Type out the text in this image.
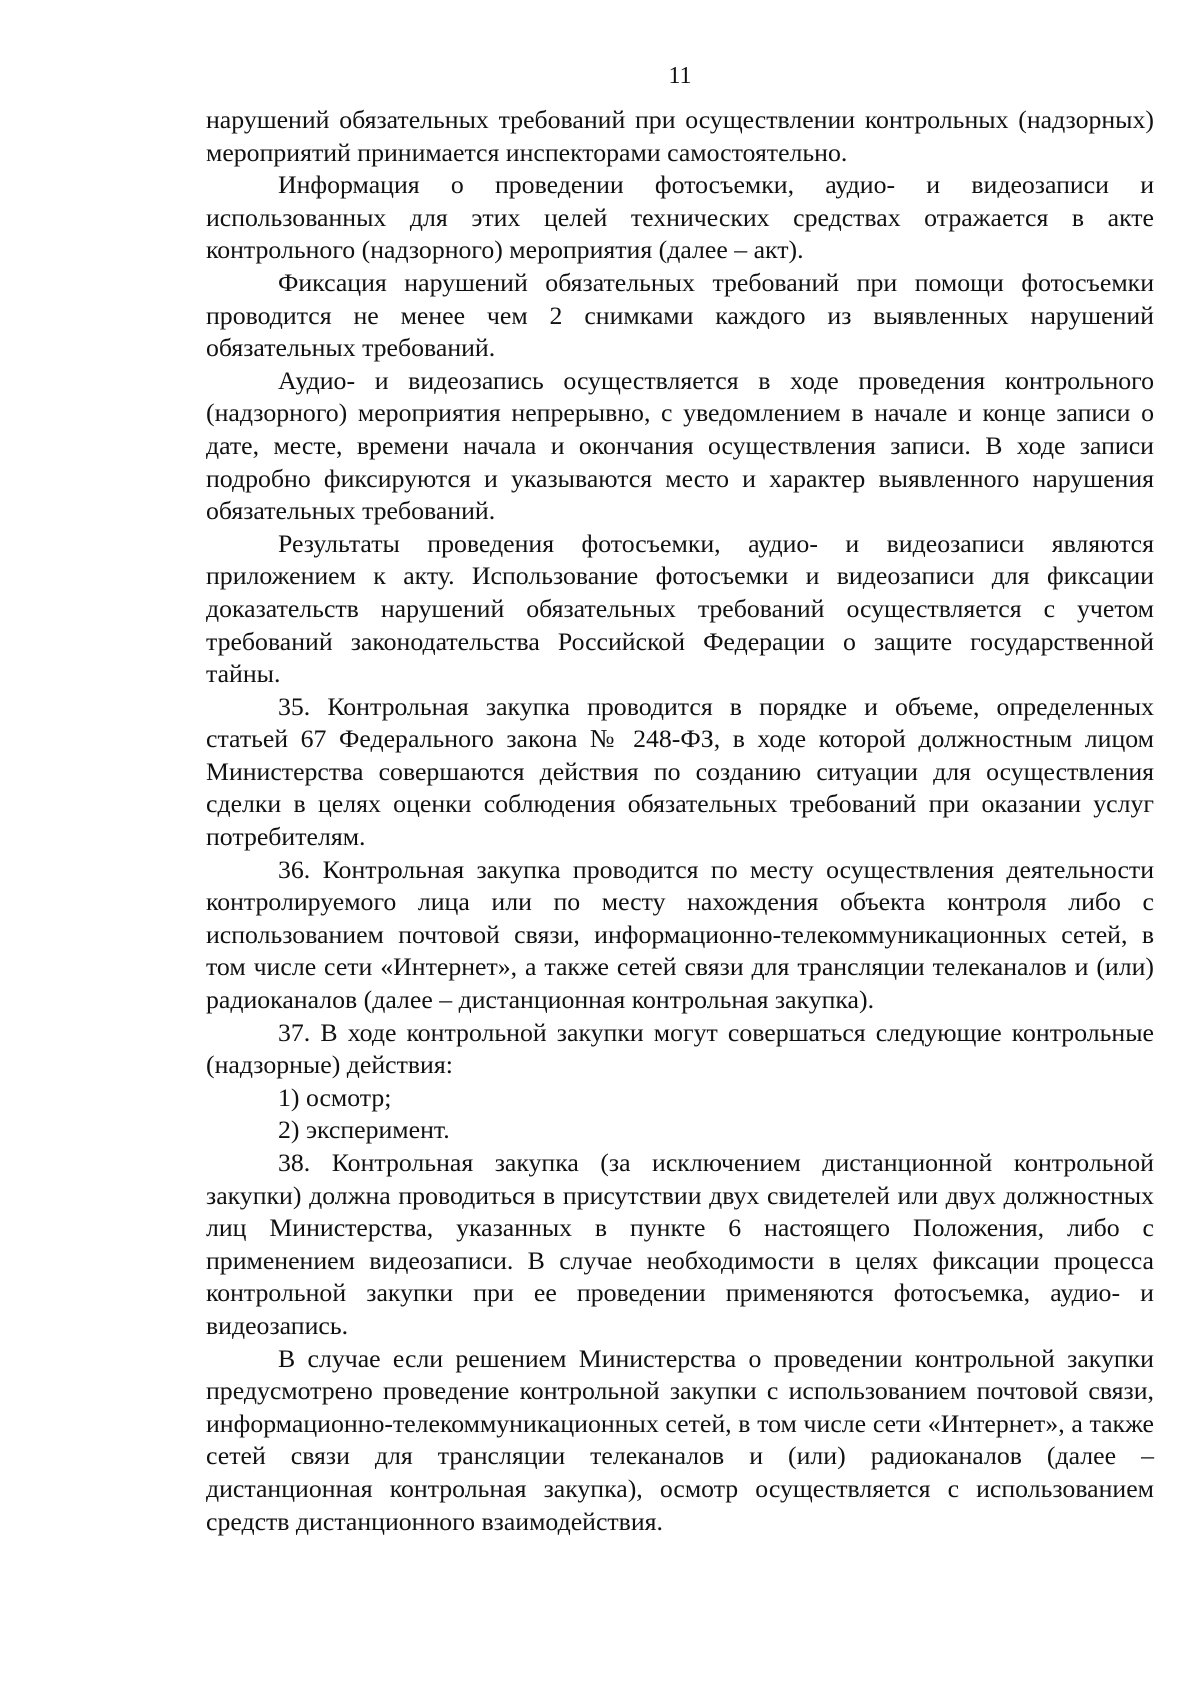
11

нарушений обязательных требований при осуществлении контрольных (надзорных) мероприятий принимается инспекторами самостоятельно.

Информация о проведении фотосъемки, аудио- и видеозаписи и использованных для этих целей технических средствах отражается в акте контрольного (надзорного) мероприятия (далее – акт).

Фиксация нарушений обязательных требований при помощи фотосъемки проводится не менее чем 2 снимками каждого из выявленных нарушений обязательных требований.

Аудио- и видеозапись осуществляется в ходе проведения контрольного (надзорного) мероприятия непрерывно, с уведомлением в начале и конце записи о дате, месте, времени начала и окончания осуществления записи. В ходе записи подробно фиксируются и указываются место и характер выявленного нарушения обязательных требований.

Результаты проведения фотосъемки, аудио- и видеозаписи являются приложением к акту. Использование фотосъемки и видеозаписи для фиксации доказательств нарушений обязательных требований осуществляется с учетом требований законодательства Российской Федерации о защите государственной тайны.

35. Контрольная закупка проводится в порядке и объеме, определенных статьей 67 Федерального закона № 248-ФЗ, в ходе которой должностным лицом Министерства совершаются действия по созданию ситуации для осуществления сделки в целях оценки соблюдения обязательных требований при оказании услуг потребителям.

36. Контрольная закупка проводится по месту осуществления деятельности контролируемого лица или по месту нахождения объекта контроля либо с использованием почтовой связи, информационно-телекоммуникационных сетей, в том числе сети «Интернет», а также сетей связи для трансляции телеканалов и (или) радиоканалов (далее – дистанционная контрольная закупка).

37. В ходе контрольной закупки могут совершаться следующие контрольные (надзорные) действия:

1) осмотр;

2) эксперимент.

38. Контрольная закупка (за исключением дистанционной контрольной закупки) должна проводиться в присутствии двух свидетелей или двух должностных лиц Министерства, указанных в пункте 6 настоящего Положения, либо с применением видеозаписи. В случае необходимости в целях фиксации процесса контрольной закупки при ее проведении применяются фотосъемка, аудио- и видеозапись.

В случае если решением Министерства о проведении контрольной закупки предусмотрено проведение контрольной закупки с использованием почтовой связи, информационно-телекоммуникационных сетей, в том числе сети «Интернет», а также сетей связи для трансляции телеканалов и (или) радиоканалов (далее – дистанционная контрольная закупка), осмотр осуществляется с использованием средств дистанционного взаимодействия.
